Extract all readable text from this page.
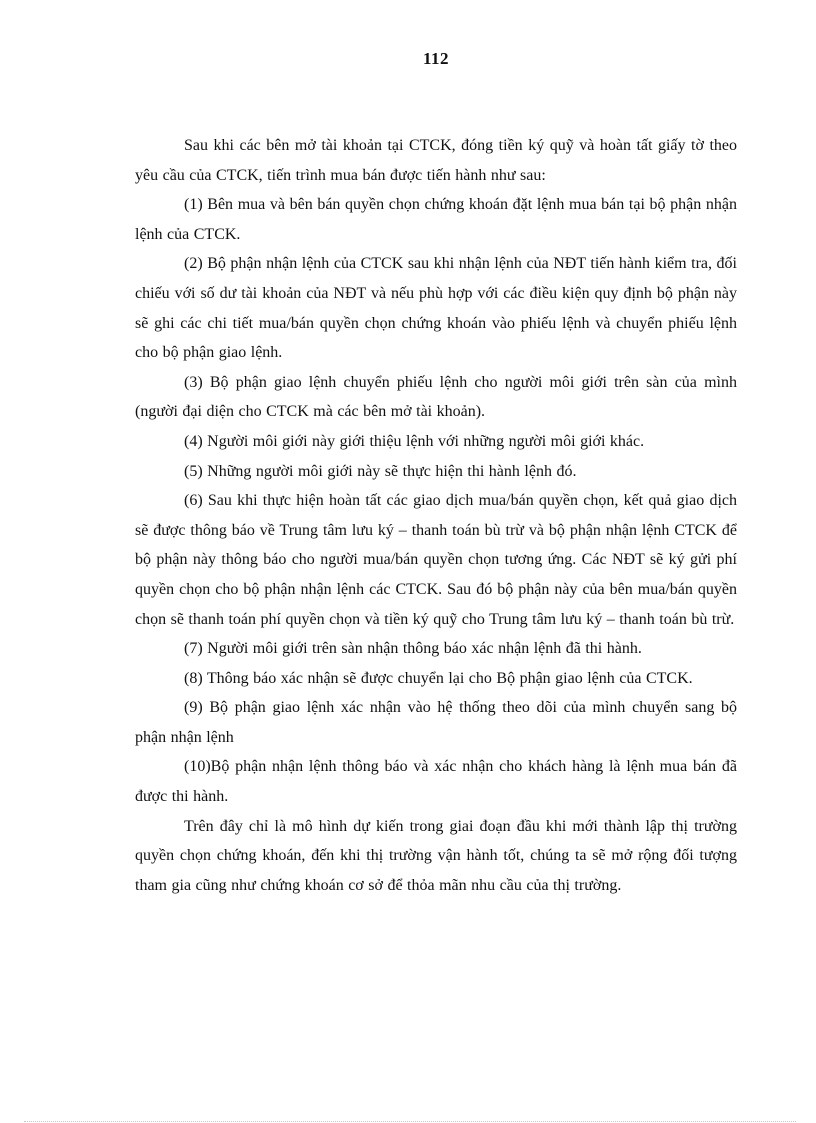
112

Sau khi các bên mở tài khoản tại CTCK, đóng tiền ký quỹ và hoàn tất giấy tờ theo yêu cầu của CTCK, tiến trình mua bán được tiến hành như sau:

(1) Bên mua và bên bán quyền chọn chứng khoán đặt lệnh mua bán tại bộ phận nhận lệnh của CTCK.

(2) Bộ phận nhận lệnh của CTCK sau khi nhận lệnh của NĐT tiến hành kiểm tra, đối chiếu với số dư tài khoản của NĐT và nếu phù hợp với các điều kiện quy định bộ phận này sẽ ghi các chi tiết mua/bán quyền chọn chứng khoán vào phiếu lệnh và chuyển phiếu lệnh cho bộ phận giao lệnh.

(3) Bộ phận giao lệnh chuyển phiếu lệnh cho người môi giới trên sàn của mình (người đại diện cho CTCK mà các bên mở tài khoản).

(4) Người môi giới này giới thiệu lệnh với những người môi giới khác.

(5) Những người môi giới này sẽ thực hiện thi hành lệnh đó.

(6) Sau khi thực hiện hoàn tất các giao dịch mua/bán quyền chọn, kết quả giao dịch sẽ được thông báo về Trung tâm lưu ký – thanh toán bù trừ và bộ phận nhận lệnh CTCK để bộ phận này thông báo cho người mua/bán quyền chọn tương ứng. Các NĐT sẽ ký gửi phí quyền chọn cho bộ phận nhận lệnh các CTCK. Sau đó bộ phận này của bên mua/bán quyền chọn sẽ thanh toán phí quyền chọn và tiền ký quỹ cho Trung tâm lưu ký – thanh toán bù trừ.

(7) Người môi giới trên sàn nhận thông báo xác nhận lệnh đã thi hành.

(8) Thông báo xác nhận sẽ được chuyển lại cho Bộ phận giao lệnh của CTCK.

(9) Bộ phận giao lệnh xác nhận vào hệ thống theo dõi của mình chuyển sang bộ phận nhận lệnh

(10)Bộ phận nhận lệnh thông báo và xác nhận cho khách hàng là lệnh mua bán đã được thi hành.

Trên đây chỉ là mô hình dự kiến trong giai đoạn đầu khi mới thành lập thị trường quyền chọn chứng khoán, đến khi thị trường vận hành tốt, chúng ta sẽ mở rộng đối tượng tham gia cũng như chứng khoán cơ sở để thỏa mãn nhu cầu của thị trường.
